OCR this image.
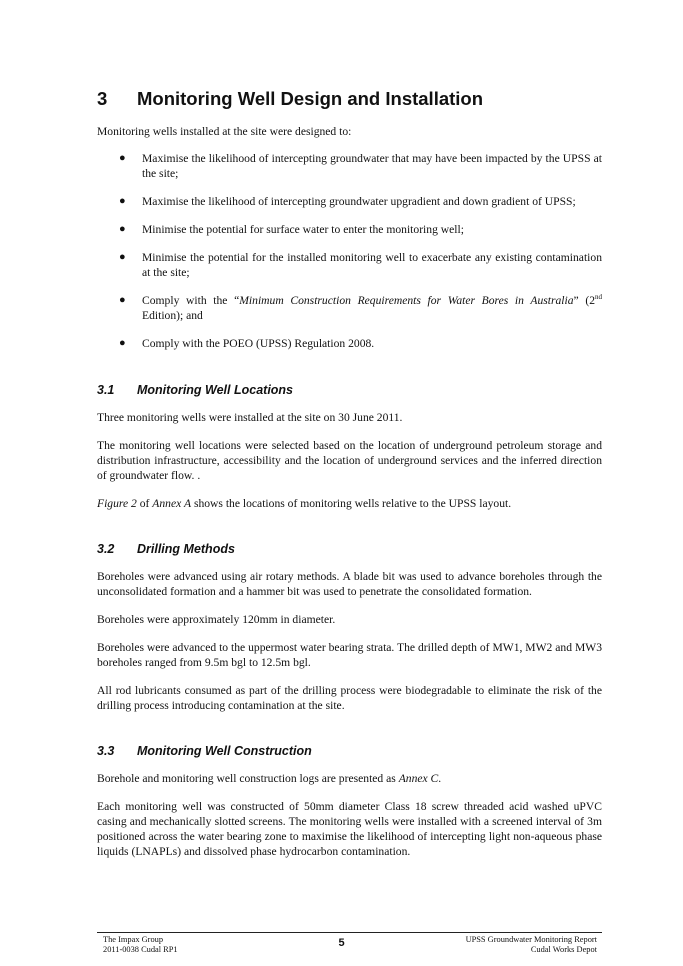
3 Monitoring Well Design and Installation

Monitoring wells installed at the site were designed to:

● Maximise the likelihood of intercepting groundwater that may have been impacted by the UPSS at the site;
● Maximise the likelihood of intercepting groundwater upgradient and down gradient of UPSS;
● Minimise the potential for surface water to enter the monitoring well;
● Minimise the potential for the installed monitoring well to exacerbate any existing contamination at the site;
● Comply with the “Minimum Construction Requirements for Water Bores in Australia” (2nd Edition); and
● Comply with the POEO (UPSS) Regulation 2008.
3.1 Monitoring Well Locations

Three monitoring wells were installed at the site on 30 June 2011.

The monitoring well locations were selected based on the location of underground petroleum storage and distribution infrastructure, accessibility and the location of underground services and the inferred direction of groundwater flow. .

Figure 2 of Annex A shows the locations of monitoring wells relative to the UPSS layout.

3.2 Drilling Methods

Boreholes were advanced using air rotary methods. A blade bit was used to advance boreholes through the unconsolidated formation and a hammer bit was used to penetrate the consolidated formation.

Boreholes were approximately 120mm in diameter.

Boreholes were advanced to the uppermost water bearing strata. The drilled depth of MW1, MW2 and MW3 boreholes ranged from 9.5m bgl to 12.5m bgl.

All rod lubricants consumed as part of the drilling process were biodegradable to eliminate the risk of the drilling process introducing contamination at the site.

3.3 Monitoring Well Construction

Borehole and monitoring well construction logs are presented as Annex C.

Each monitoring well was constructed of 50mm diameter Class 18 screw threaded acid washed uPVC casing and mechanically slotted screens. The monitoring wells were installed with a screened interval of 3m positioned across the water bearing zone to maximise the likelihood of intercepting light non-aqueous phase liquids (LNAPLs) and dissolved phase hydrocarbon contamination.

The Impax Group
2011-0038 Cudal RP1
5	UPSS Groundwater Monitoring Report
Cudal Works Depot
